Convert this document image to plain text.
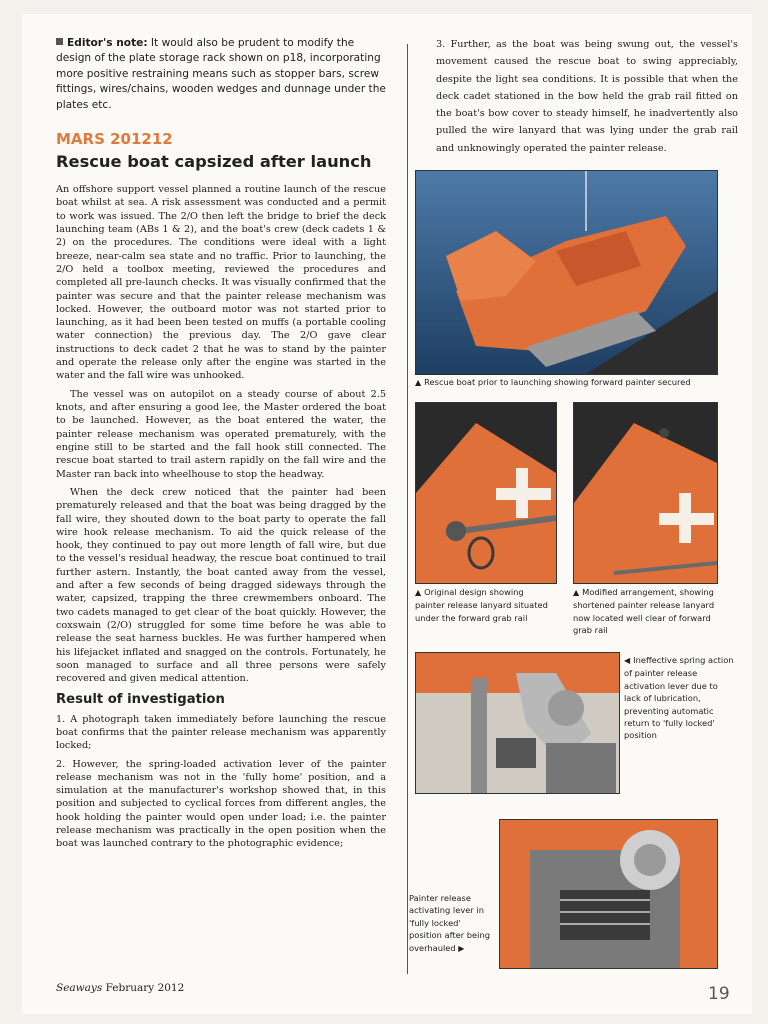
Editor's note: It would also be prudent to modify the design of the plate storage rack shown on p18, incorporating more positive restraining means such as stopper bars, screw fittings, wires/chains, wooden wedges and dunnage under the plates etc.

MARS 201212
Rescue boat capsized after launch

An offshore support vessel planned a routine launch of the rescue boat whilst at sea. A risk assessment was conducted and a permit to work was issued. The 2/O then left the bridge to brief the deck launching team (ABs 1 & 2), and the boat's crew (deck cadets 1 & 2) on the procedures. The conditions were ideal with a light breeze, near-calm sea state and no traffic. Prior to launching, the 2/O held a toolbox meeting, reviewed the procedures and completed all pre-launch checks. It was visually confirmed that the painter was secure and that the painter release mechanism was locked. However, the outboard motor was not started prior to launching, as it had been been tested on muffs (a portable cooling water connection) the previous day. The 2/O gave clear instructions to deck cadet 2 that he was to stand by the painter and operate the release only after the engine was started in the water and the fall wire was unhooked.

The vessel was on autopilot on a steady course of about 2.5 knots, and after ensuring a good lee, the Master ordered the boat to be launched. However, as the boat entered the water, the painter release mechanism was operated prematurely, with the engine still to be started and the fall hook still connected. The rescue boat started to trail astern rapidly on the fall wire and the Master ran back into wheelhouse to stop the headway.

When the deck crew noticed that the painter had been prematurely released and that the boat was being dragged by the fall wire, they shouted down to the boat party to operate the fall wire hook release mechanism. To aid the quick release of the hook, they continued to pay out more length of fall wire, but due to the vessel's residual headway, the rescue boat continued to trail further astern. Instantly, the boat canted away from the vessel, and after a few seconds of being dragged sideways through the water, capsized, trapping the three crewmembers onboard. The two cadets managed to get clear of the boat quickly. However, the coxswain (2/O) struggled for some time before he was able to release the seat harness buckles. He was further hampered when his lifejacket inflated and snagged on the controls. Fortunately, he soon managed to surface and all three persons were safely recovered and given medical attention.

Result of investigation

1. A photograph taken immediately before launching the rescue boat confirms that the painter release mechanism was apparently locked;

2. However, the spring-loaded activation lever of the painter release mechanism was not in the 'fully home' position, and a simulation at the manufacturer's workshop showed that, in this position and subjected to cyclical forces from different angles, the hook holding the painter would open under load; i.e. the painter release mechanism was practically in the open position when the boat was launched contrary to the photographic evidence;

Seaways February 2012	19

3. Further, as the boat was being swung out, the vessel's movement caused the rescue boat to swing appreciably, despite the light sea conditions. It is possible that when the deck cadet stationed in the bow held the grab rail fitted on the boat's bow cover to steady himself, he inadvertently also pulled the wire lanyard that was lying under the grab rail and unknowingly operated the painter release.

▲ Rescue boat prior to launching showing forward painter secured
▲ Original design showing painter release lanyard situated under the forward grab rail
▲ Modified arrangement, showing shortened painter release lanyard now located well clear of forward grab rail
◀ Ineffective spring action of painter release activation lever due to lack of lubrication, preventing automatic return to 'fully locked' position
Painter release activating lever in 'fully locked' position after being overhauled ▶
